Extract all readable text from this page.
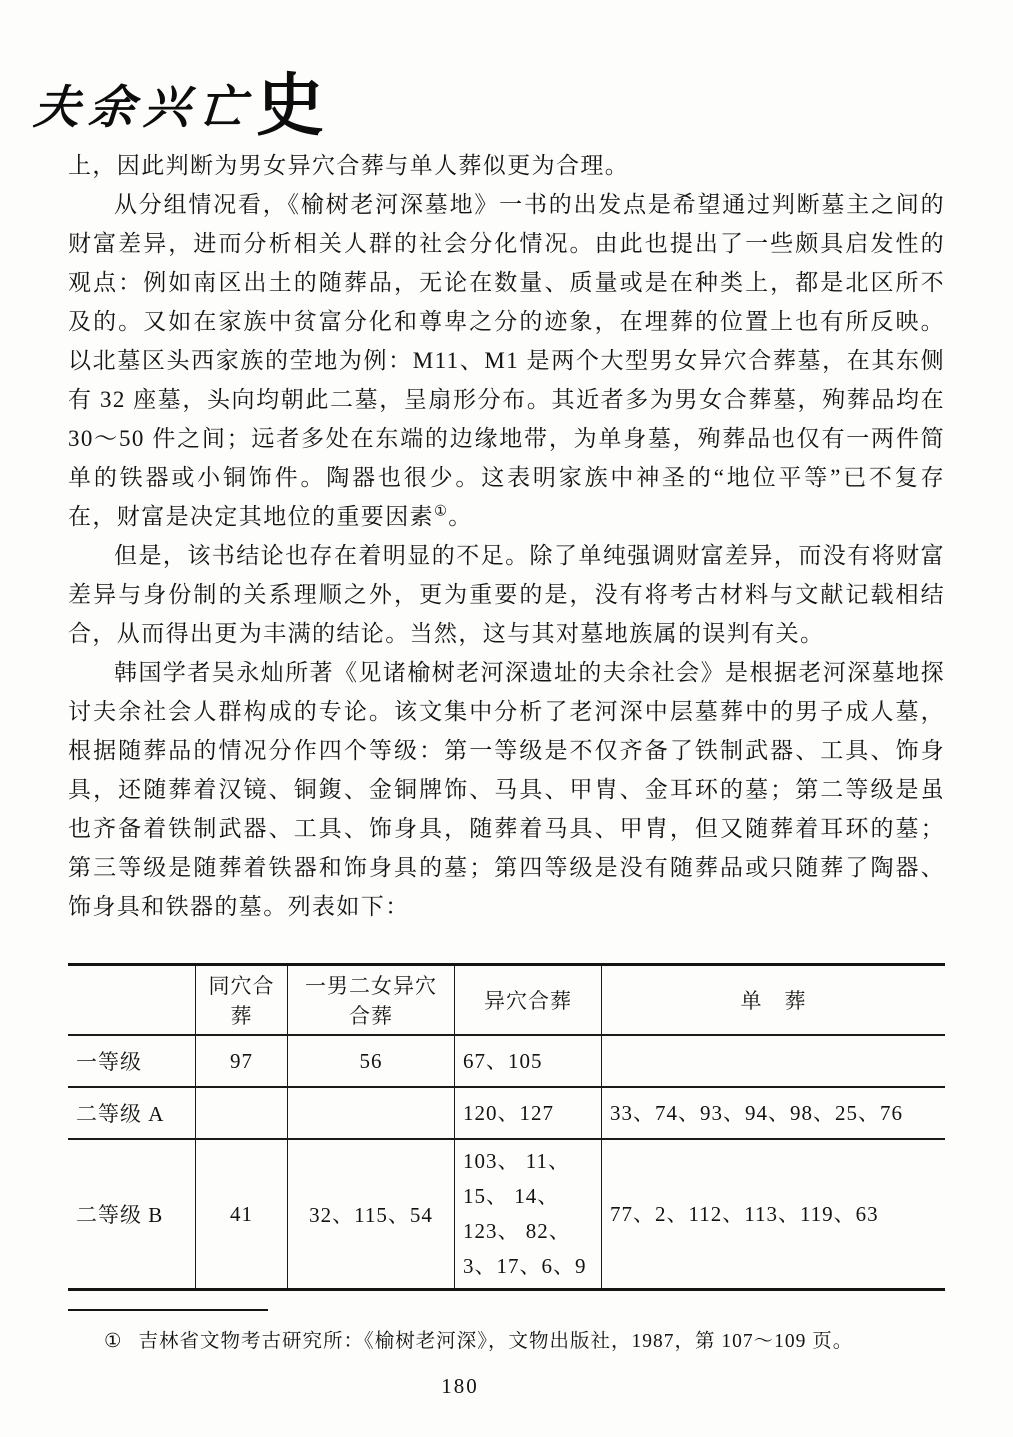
夫余兴亡史

上，因此判断为男女异穴合葬与单人葬似更为合理。

从分组情况看，《榆树老河深墓地》一书的出发点是希望通过判断墓主之间的财富差异，进而分析相关人群的社会分化情况。由此也提出了一些颇具启发性的观点：例如南区出土的随葬品，无论在数量、质量或是在种类上，都是北区所不及的。又如在家族中贫富分化和尊卑之分的迹象，在埋葬的位置上也有所反映。以北墓区头西家族的茔地为例：M11、M1 是两个大型男女异穴合葬墓，在其东侧有 32 座墓，头向均朝此二墓，呈扇形分布。其近者多为男女合葬墓，殉葬品均在 30～50 件之间；远者多处在东端的边缘地带，为单身墓，殉葬品也仅有一两件简单的铁器或小铜饰件。陶器也很少。这表明家族中神圣的“地位平等”已不复存在，财富是决定其地位的重要因素①。

但是，该书结论也存在着明显的不足。除了单纯强调财富差异，而没有将财富差异与身份制的关系理顺之外，更为重要的是，没有将考古材料与文献记载相结合，从而得出更为丰满的结论。当然，这与其对墓地族属的误判有关。

韩国学者吴永灿所著《见诸榆树老河深遗址的夫余社会》是根据老河深墓地探讨夫余社会人群构成的专论。该文集中分析了老河深中层墓葬中的男子成人墓，根据随葬品的情况分作四个等级：第一等级是不仅齐备了铁制武器、工具、饰身具，还随葬着汉镜、铜鍑、金铜牌饰、马具、甲胄、金耳环的墓；第二等级是虽也齐备着铁制武器、工具、饰身具，随葬着马具、甲胄，但又随葬着耳环的墓；第三等级是随葬着铁器和饰身具的墓；第四等级是没有随葬品或只随葬了陶器、饰身具和铁器的墓。列表如下：

	同穴合葬	一男二女异穴合葬	异穴合葬	单　葬
一等级	97	56	67、105	
二等级 A			120、127	33、74、93、94、98、25、76
二等级 B	41	32、115、54	103、 11、 15、 14、 123、 82、 3、17、6、9	77、2、112、113、119、63

① 吉林省文物考古研究所：《榆树老河深》，文物出版社，1987，第 107～109 页。

180
